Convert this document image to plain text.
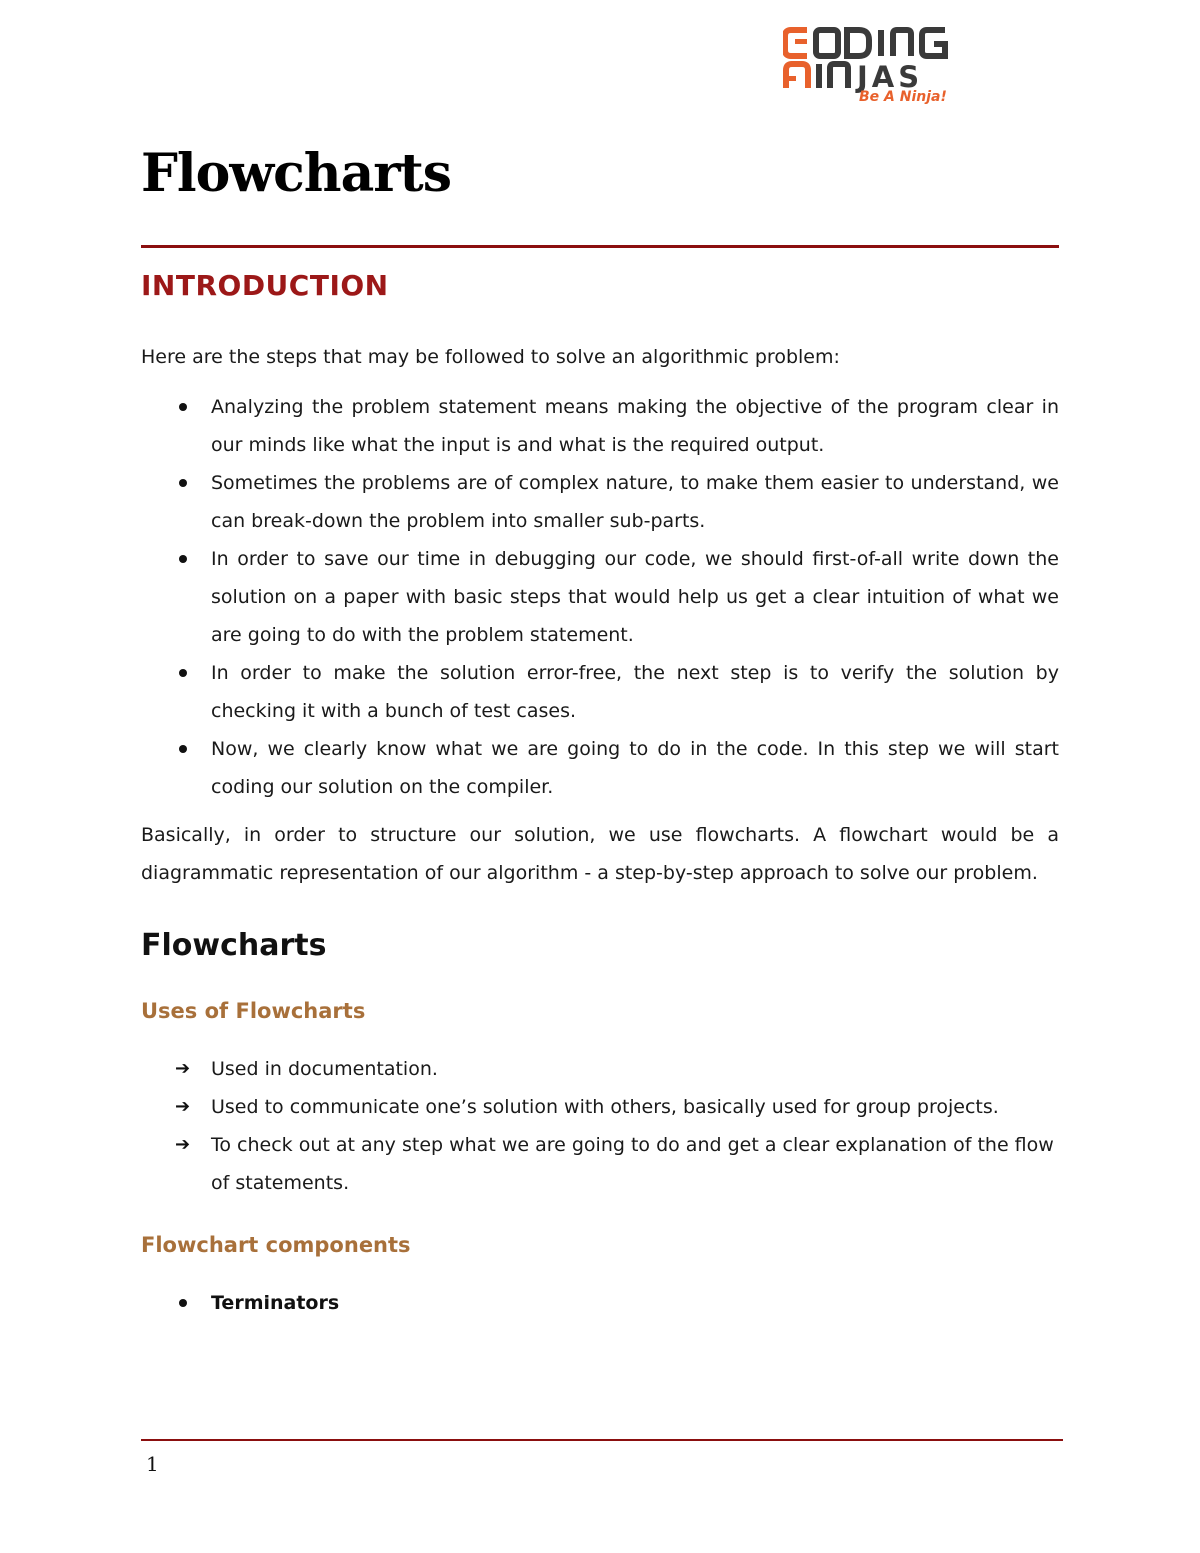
JAS
Be A Ninja!
Flowcharts
INTRODUCTION

Here are the steps that may be followed to solve an algorithmic problem:

Analyzing the problem statement means making the objective of the program clear in our minds like what the input is and what is the required output.
Sometimes the problems are of complex nature, to make them easier to understand, we can break-down the problem into smaller sub-parts.
In order to save our time in debugging our code, we should first-of-all write down the solution on a paper with basic steps that would help us get a clear intuition of what we are going to do with the problem statement.
In order to make the solution error-free, the next step is to verify the solution by checking it with a bunch of test cases.
Now, we clearly know what we are going to do in the code. In this step we will start coding our solution on the compiler.

Basically, in order to structure our solution, we use flowcharts. A flowchart would be a diagrammatic representation of our algorithm - a step-by-step approach to solve our problem.

Flowcharts
Uses of Flowcharts
➔ Used in documentation.
➔ Used to communicate one’s solution with others, basically used for group projects.
➔ To check out at any step what we are going to do and get a clear explanation of the flow of statements.
Flowchart components
Terminators
1
